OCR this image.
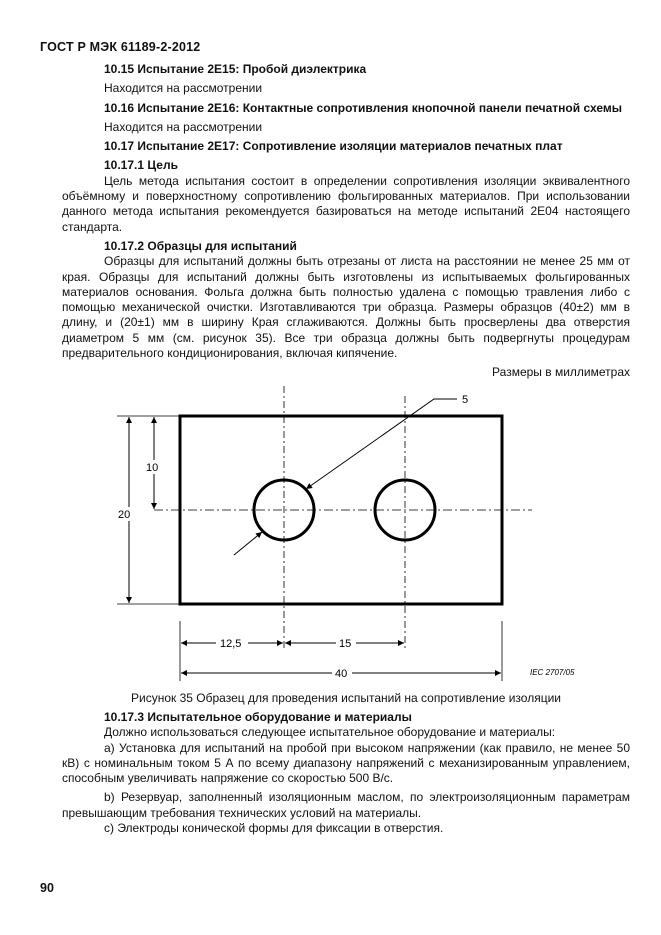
ГОСТ Р МЭК 61189-2-2012
10.15 Испытание 2Е15: Пробой диэлектрика
Находится на рассмотрении
10.16 Испытание 2Е16: Контактные сопротивления кнопочной панели печатной схемы
Находится на рассмотрении
10.17 Испытание 2Е17: Сопротивление изоляции материалов печатных плат
10.17.1 Цель
Цель метода испытания состоит в определении сопротивления изоляции эквивалентного объёмному и поверхностному сопротивлению фольгированных материалов. При использовании данного метода испытания рекомендуется базироваться на методе испытаний 2Е04 настоящего стандарта.
10.17.2 Образцы для испытаний
Образцы для испытаний должны быть отрезаны от листа на расстоянии не менее 25 мм от края. Образцы для испытаний должны быть изготовлены из испытываемых фольгированных материалов основания. Фольга должна быть полностью удалена с помощью травления либо с помощью механической очистки. Изготавливаются три образца. Размеры образцов (40±2) мм в длину, и (20±1) мм в ширину Края сглаживаются. Должны быть просверлены два отверстия диаметром 5 мм (см. рисунок 35). Все три образца должны быть подвергнуты процедурам предварительного кондиционирования, включая кипячение.
Размеры в миллиметрах
5
20
10
12,5	15
40	IEC 2707/05
Рисунок 35 Образец для проведения испытаний на сопротивление изоляции
10.17.3 Испытательное оборудование и материалы
Должно использоваться следующее испытательное оборудование и материалы:
а) Установка для испытаний на пробой при высоком напряжении (как правило, не менее 50 кВ) с номинальным током 5 А по всему диапазону напряжений с механизированным управлением, способным увеличивать напряжение со скоростью 500 В/с.
b) Резервуар, заполненный изоляционным маслом, по электроизоляционным параметрам превышающим требования технических условий на материалы.
с) Электроды конической формы для фиксации в отверстия.
90
